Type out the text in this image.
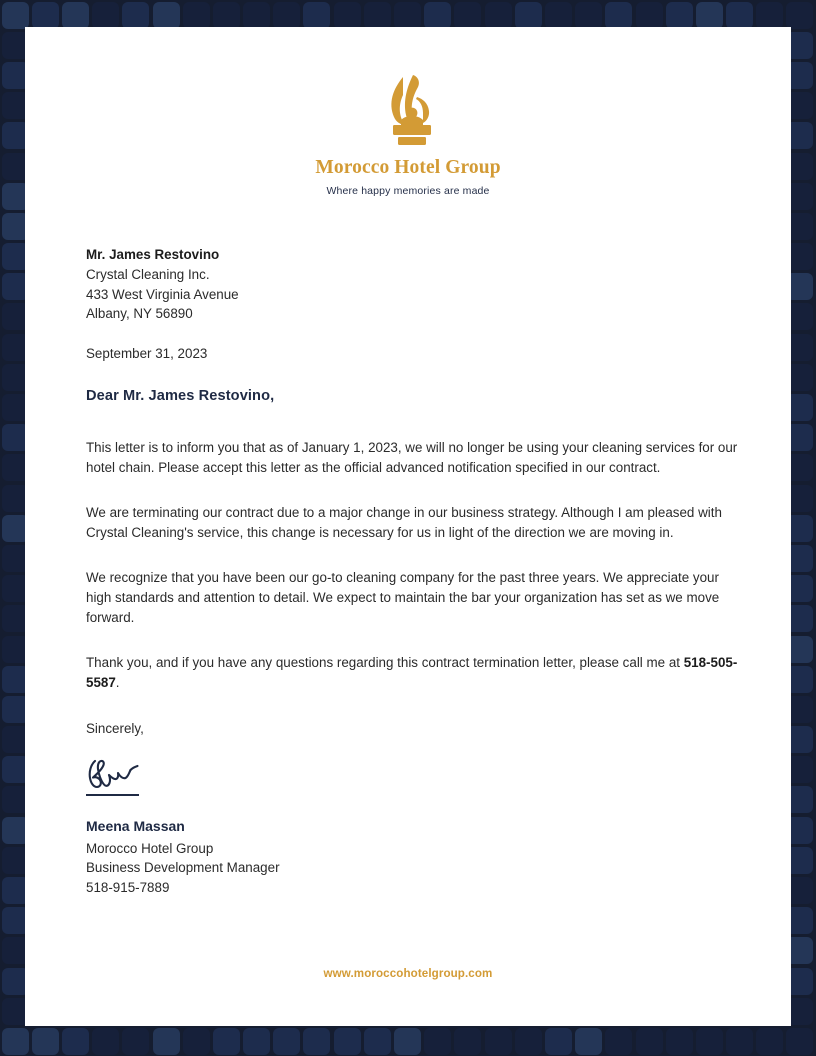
Morocco Hotel Group
Where happy memories are made
Mr. James Restovino
Crystal Cleaning Inc.
433 West Virginia Avenue
Albany, NY 56890
September 31, 2023
Dear Mr. James Restovino,

This letter is to inform you that as of January 1, 2023, we will no longer be using your cleaning services for our hotel chain. Please accept this letter as the official advanced notification specified in our contract.

We are terminating our contract due to a major change in our business strategy. Although I am pleased with Crystal Cleaning's service, this change is necessary for us in light of the direction we are moving in.

We recognize that you have been our go-to cleaning company for the past three years. We appreciate your high standards and attention to detail. We expect to maintain the bar your organization has set as we move forward.

Thank you, and if you have any questions regarding this contract termination letter, please call me at 518-505-5587.

Sincerely,
Meena Massan
Morocco Hotel Group
Business Development Manager
518-915-7889
www.moroccohotelgroup.com
